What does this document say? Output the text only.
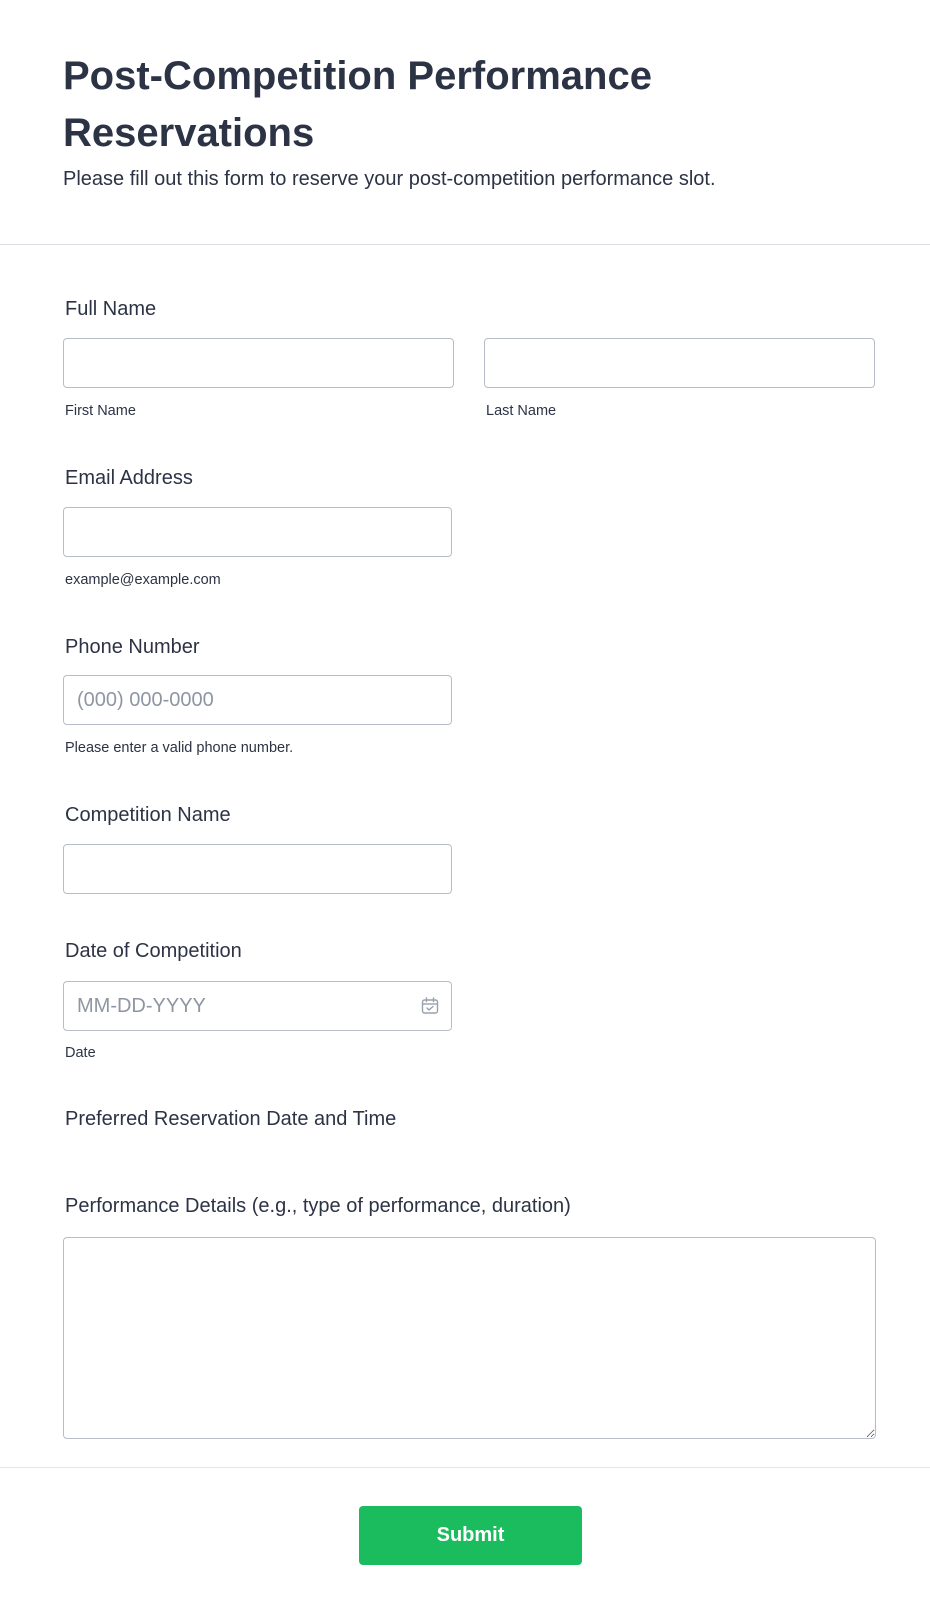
Post-Competition Performance Reservations

Please fill out this form to reserve your post-competition performance slot.

Full Name
First Name	Last Name
Email Address
example@example.com
Phone Number
(000) 000-0000
Please enter a valid phone number.
Competition Name
Date of Competition
MM-DD-YYYY
Date
Preferred Reservation Date and Time
Performance Details (e.g., type of performance, duration)
Submit
